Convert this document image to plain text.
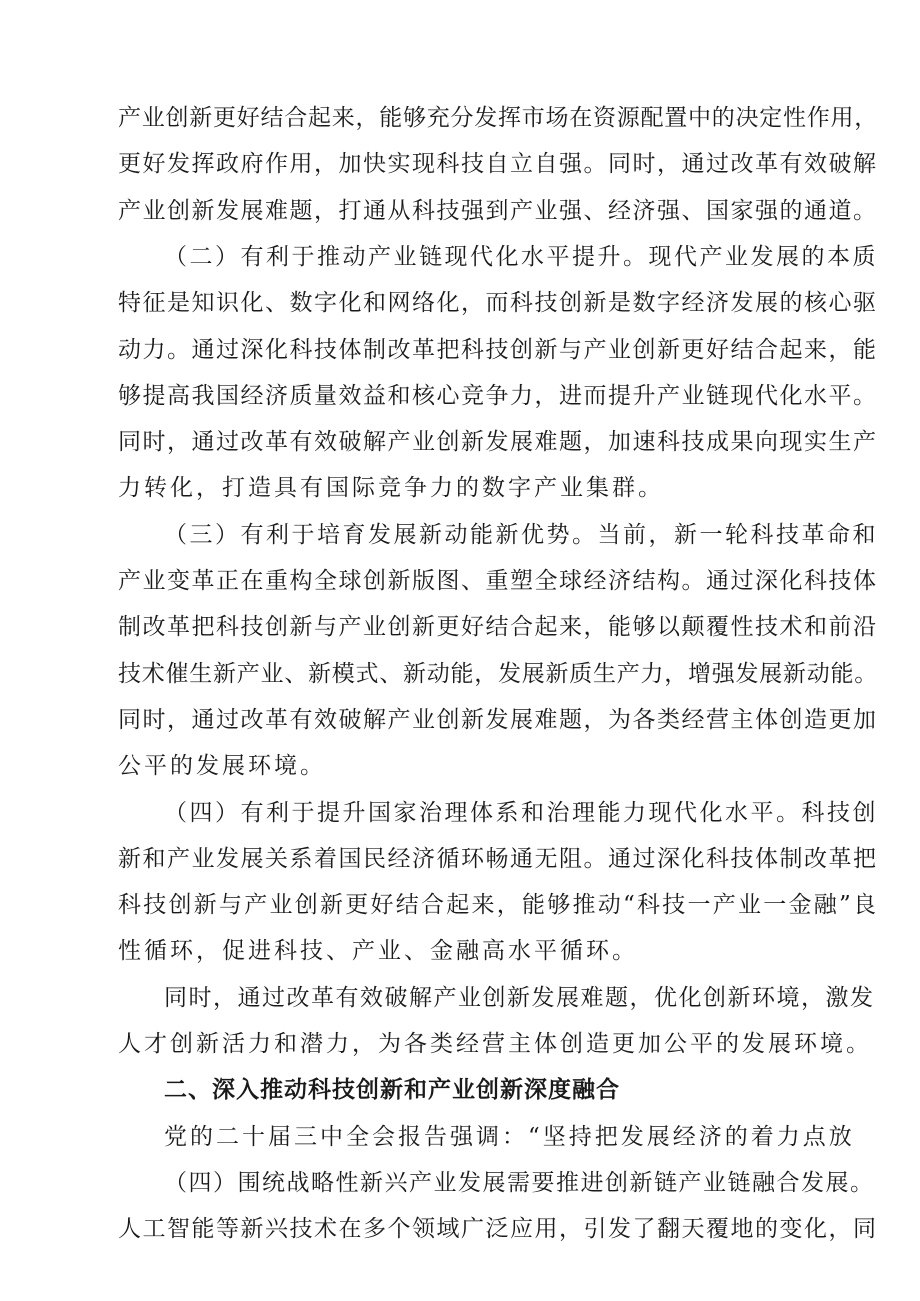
产业创新更好结合起来，能够充分发挥市场在资源配置中的决定性作用，

更好发挥政府作用，加快实现科技自立自强。同时，通过改革有效破解

产业创新发展难题，打通从科技强到产业强、经济强、国家强的通道。

（二）有利于推动产业链现代化水平提升。现代产业发展的本质

特征是知识化、数字化和网络化，而科技创新是数字经济发展的核心驱

动力。通过深化科技体制改革把科技创新与产业创新更好结合起来，能

够提高我国经济质量效益和核心竞争力，进而提升产业链现代化水平。

同时，通过改革有效破解产业创新发展难题，加速科技成果向现实生产

力转化，打造具有国际竞争力的数字产业集群。

（三）有利于培育发展新动能新优势。当前，新一轮科技革命和

产业变革正在重构全球创新版图、重塑全球经济结构。通过深化科技体

制改革把科技创新与产业创新更好结合起来，能够以颠覆性技术和前沿

技术催生新产业、新模式、新动能，发展新质生产力，增强发展新动能。

同时，通过改革有效破解产业创新发展难题，为各类经营主体创造更加

公平的发展环境。

（四）有利于提升国家治理体系和治理能力现代化水平。科技创

新和产业发展关系着国民经济循环畅通无阻。通过深化科技体制改革把

科技创新与产业创新更好结合起来，能够推动“科技一产业一金融”良

性循环，促进科技、产业、金融高水平循环。

同时，通过改革有效破解产业创新发展难题，优化创新环境，激发

人才创新活力和潜力，为各类经营主体创造更加公平的发展环境。

二、深入推动科技创新和产业创新深度融合

党的二十届三中全会报告强调：“坚持把发展经济的着力点放

（四）围统战略性新兴产业发展需要推进创新链产业链融合发展。

人工智能等新兴技术在多个领域广泛应用，引发了翻天覆地的变化，同
